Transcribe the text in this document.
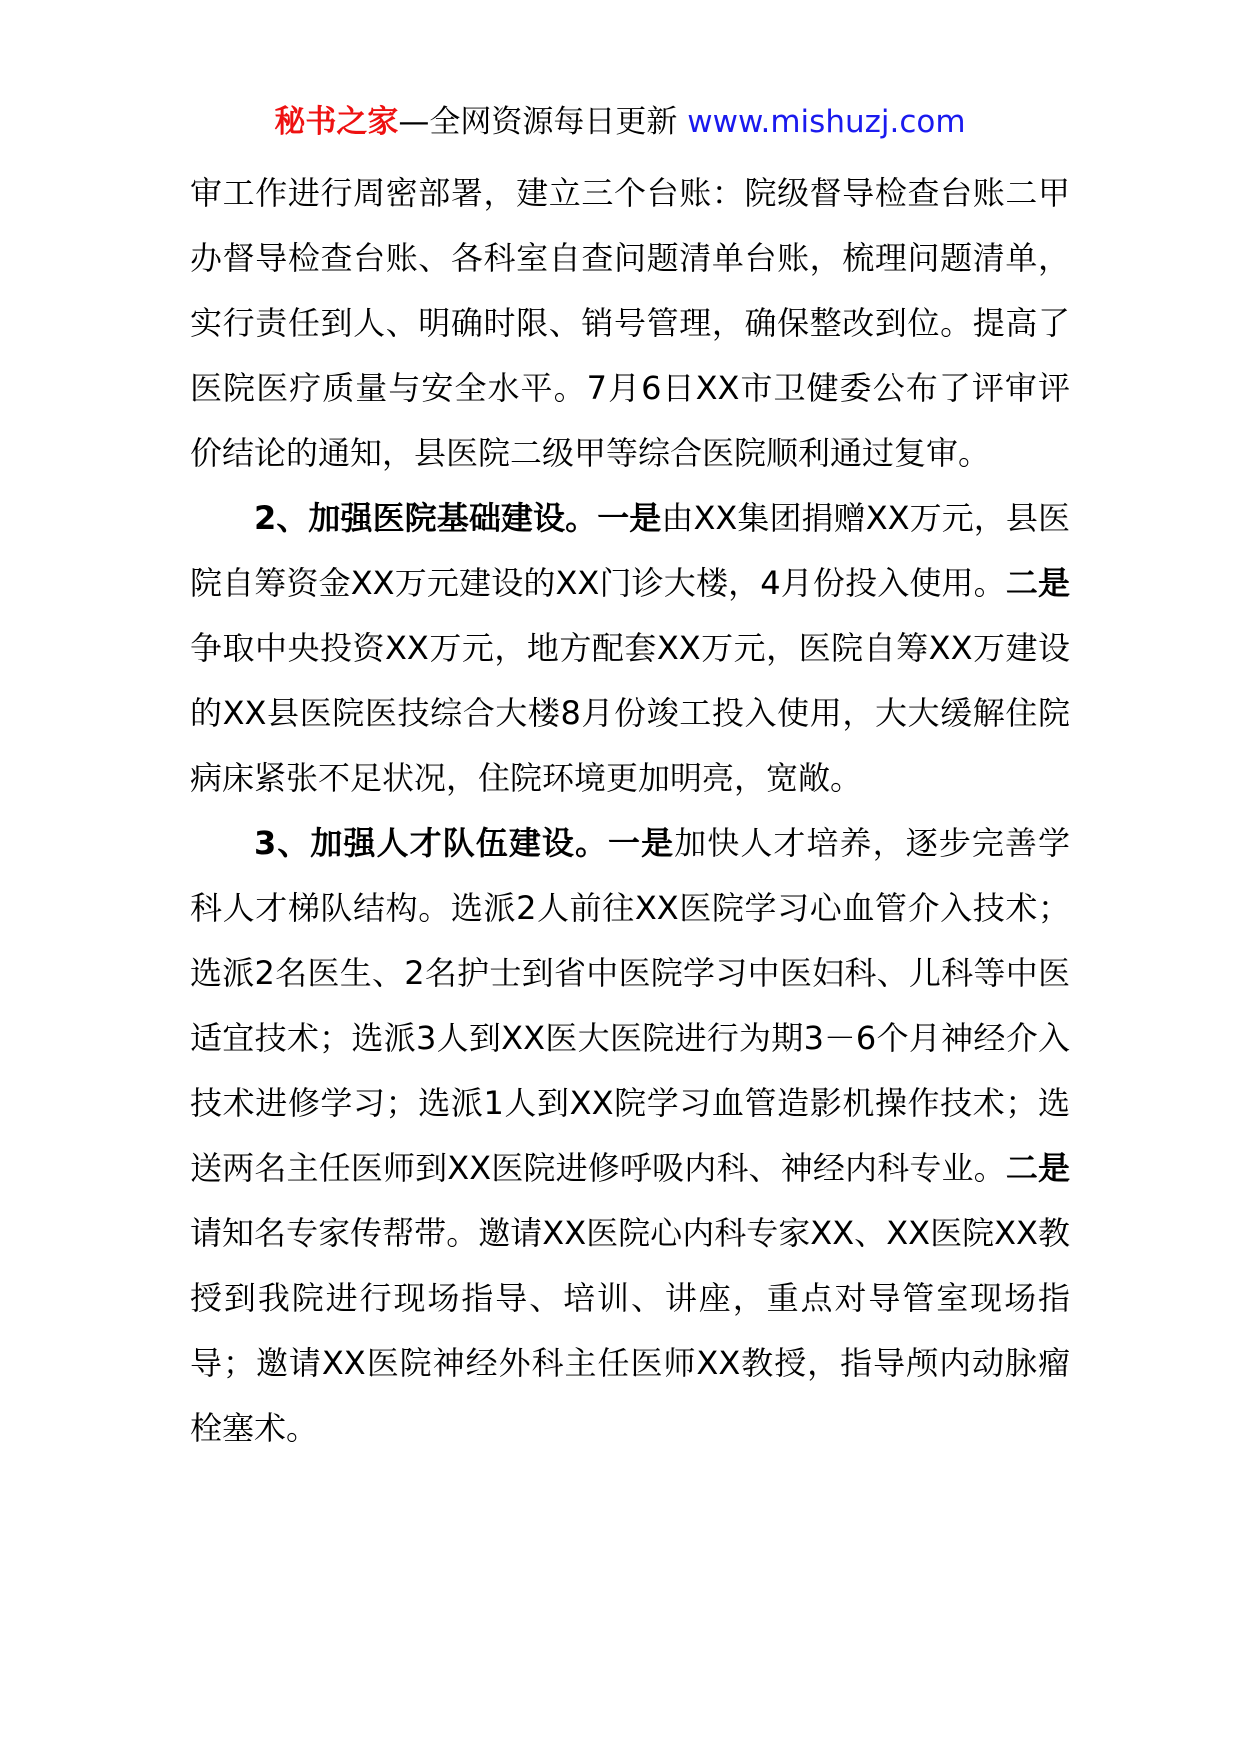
秘书之家—全网资源每日更新 www.mishuzj.com

审工作进行周密部署，建立三个台账：院级督导检查台账二甲办督导检查台账、各科室自查问题清单台账，梳理问题清单，实行责任到人、明确时限、销号管理，确保整改到位。提高了医院医疗质量与安全水平。7月6日XX市卫健委公布了评审评价结论的通知，县医院二级甲等综合医院顺利通过复审。

2、加强医院基础建设。一是由XX集团捐赠XX万元，县医院自筹资金XX万元建设的XX门诊大楼，4月份投入使用。二是争取中央投资XX万元，地方配套XX万元，医院自筹XX万建设的XX县医院医技综合大楼8月份竣工投入使用，大大缓解住院病床紧张不足状况，住院环境更加明亮，宽敞。

3、加强人才队伍建设。一是加快人才培养，逐步完善学科人才梯队结构。选派2人前往XX医院学习心血管介入技术；选派2名医生、2名护士到省中医院学习中医妇科、儿科等中医适宜技术；选派3人到XX医大医院进行为期3－6个月神经介入技术进修学习；选派1人到XX院学习血管造影机操作技术；选送两名主任医师到XX医院进修呼吸内科、神经内科专业。二是请知名专家传帮带。邀请XX医院心内科专家XX、XX医院XX教授到我院进行现场指导、培训、讲座，重点对导管室现场指导；邀请XX医院神经外科主任医师XX教授，指导颅内动脉瘤栓塞术。
